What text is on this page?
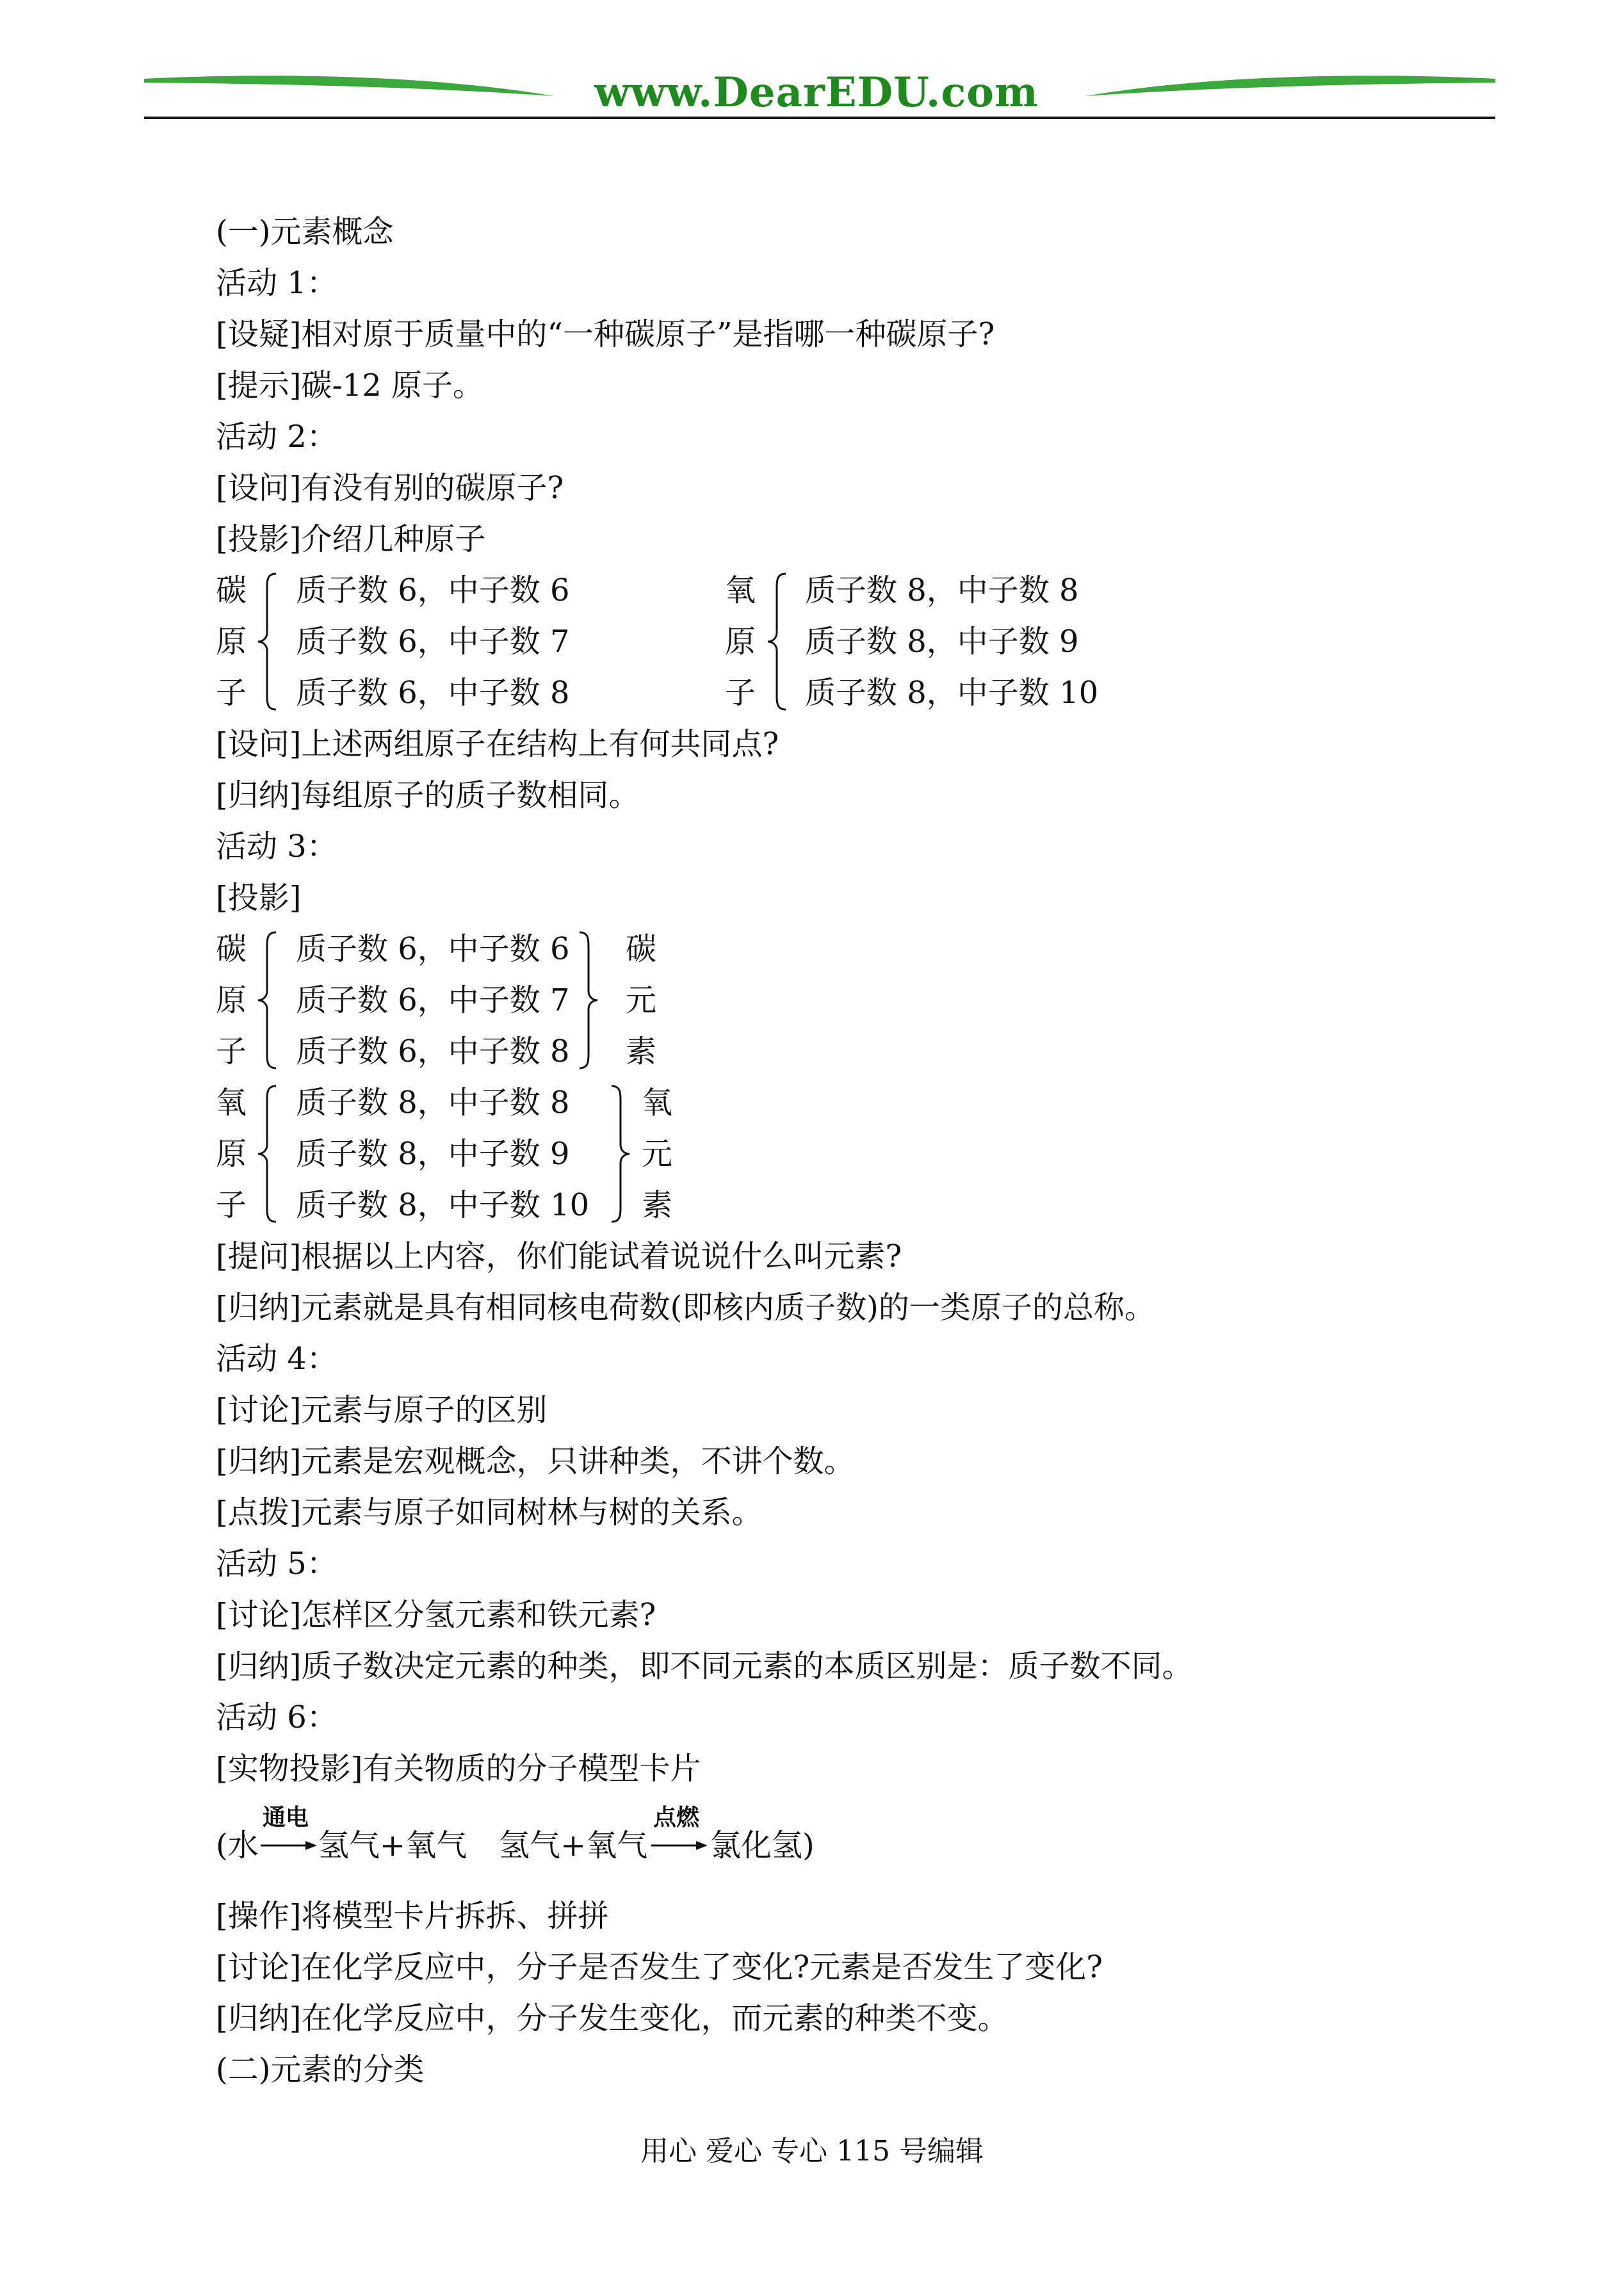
www.DearEDU.com
(一)元素概念
活动 1：
[设疑]相对原于质量中的“一种碳原子”是指哪一种碳原子?
[提示]碳-12 原子。
活动 2：
[设问]有没有别的碳原子?
[投影]介绍几种原子
碳
原
子
质子数 6，中子数 6
质子数 6，中子数 7
质子数 6，中子数 8
氧
原
子
质子数 8，中子数 8
质子数 8，中子数 9
质子数 8，中子数 10
[设问]上述两组原子在结构上有何共同点?
[归纳]每组原子的质子数相同。
活动 3：
[投影]
碳
原
子
质子数 6，中子数 6
质子数 6，中子数 7
质子数 6，中子数 8
碳
元
素
氧
原
子
质子数 8，中子数 8
质子数 8，中子数 9
质子数 8，中子数 10
氧
元
素
[提问]根据以上内容，你们能试着说说什么叫元素?
[归纳]元素就是具有相同核电荷数(即核内质子数)的一类原子的总称。
活动 4：
[讨论]元素与原子的区别
[归纳]元素是宏观概念，只讲种类，不讲个数。
[点拨]元素与原子如同树林与树的关系。
活动 5：
[讨论]怎样区分氢元素和铁元素?
[归纳]质子数决定元素的种类，即不同元素的本质区别是：质子数不同。
活动 6：
[实物投影]有关物质的分子模型卡片
(水
通电
→ 氢气+氧气 氢气+氧气
点燃
→ 氯化氢)
[操作]将模型卡片拆拆、拼拼
[讨论]在化学反应中，分子是否发生了变化?元素是否发生了变化?
[归纳]在化学反应中，分子发生变化，而元素的种类不变。
(二)元素的分类
用心 爱心 专心 115 号编辑
